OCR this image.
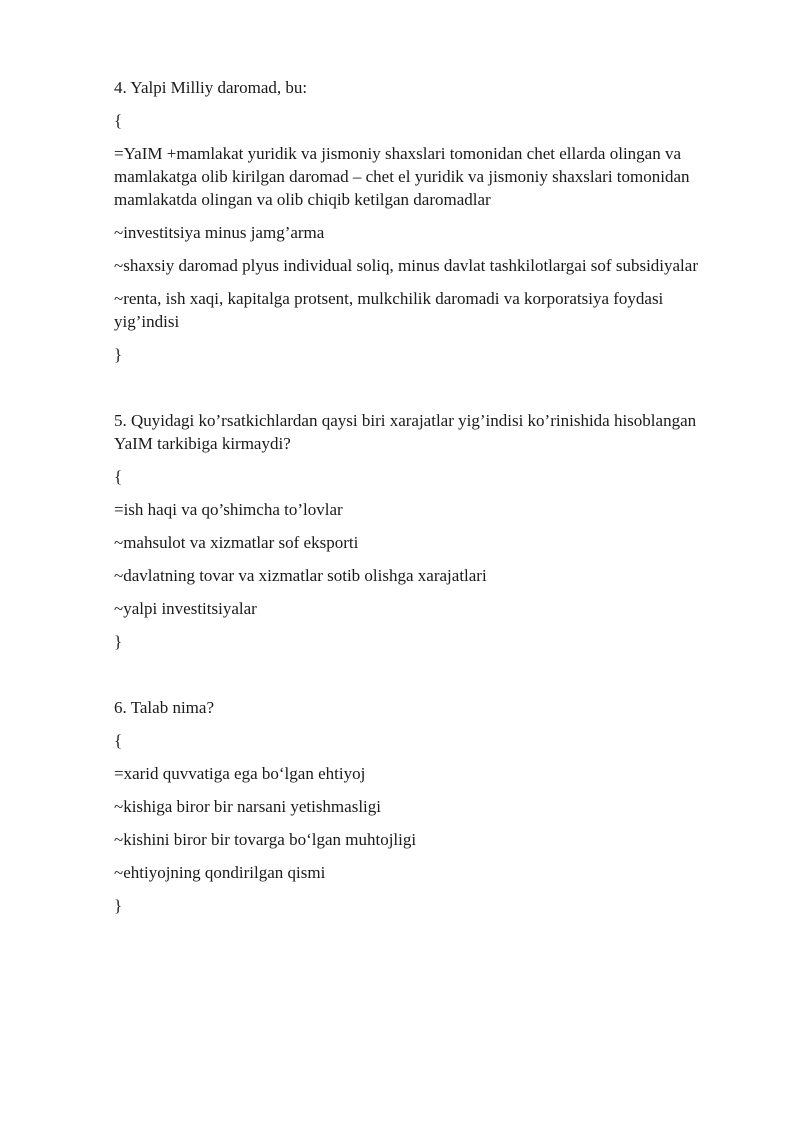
4. Yalpi Milliy daromad, bu:
{
=YaIM +mamlakat yuridik va jismoniy shaxslari tomonidan chet ellarda olingan va mamlakatga olib kirilgan daromad – chet el yuridik va jismoniy shaxslari tomonidan mamlakatda olingan va olib chiqib ketilgan daromadlar
~investitsiya minus jamg’arma
~shaxsiy daromad plyus individual soliq, minus davlat tashkilotlargai sof subsidiyalar
~renta, ish xaqi, kapitalga protsent, mulkchilik daromadi va korporatsiya foydasi yig’indisi
}
5. Quyidagi ko’rsatkichlardan qaysi biri xarajatlar yig’indisi ko’rinishida hisoblangan YaIM tarkibiga kirmaydi?
{
=ish haqi va qo’shimcha to’lovlar
~mahsulot va xizmatlar sof eksporti
~davlatning tovar va xizmatlar sotib olishga xarajatlari
~yalpi investitsiyalar
}
6. Talab nima?
{
=xarid quvvatiga ega bo‘lgan ehtiyoj
~kishiga biror bir narsani yetishmasligi
~kishini biror bir tovarga bo‘lgan muhtojligi
~ehtiyojning qondirilgan qismi
}
